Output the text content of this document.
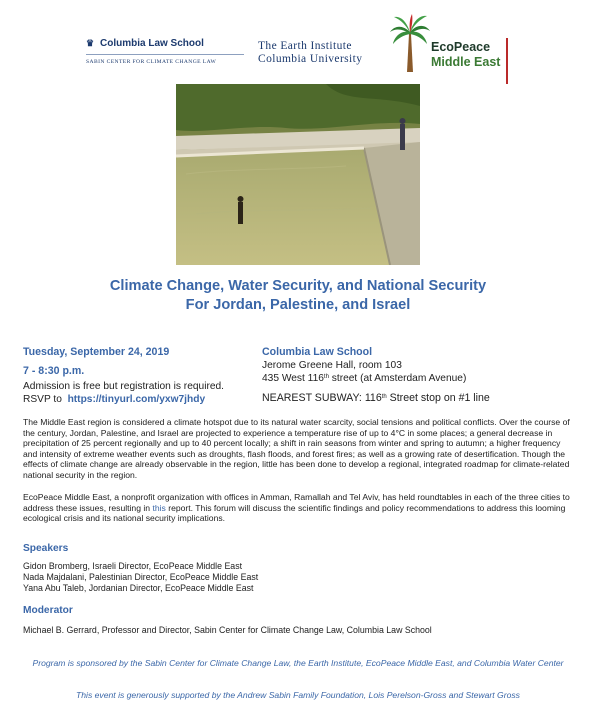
♛ Columbia Law School
SABIN CENTER FOR CLIMATE CHANGE LAW
The Earth Institute
Columbia University
EcoPeace
Middle East
Climate Change, Water Security, and National Security
For Jordan, Palestine, and Israel
Tuesday, September 24, 2019
7 - 8:30 p.m.
Admission is free but registration is required.
RSVP to https://tinyurl.com/yxw7jhdy
Columbia Law School
Jerome Greene Hall, room 103
435 West 116th street (at Amsterdam Avenue)
NEAREST SUBWAY: 116th Street stop on #1 line
The Middle East region is considered a climate hotspot due to its natural water scarcity, social tensions and political conflicts. Over the course of the century, Jordan, Palestine, and Israel are projected to experience a temperature rise of up to 4°C in some places; a general decrease in precipitation of 25 percent regionally and up to 40 percent locally; a shift in rain seasons from winter and spring to autumn; a higher frequency and intensity of extreme weather events such as droughts, flash floods, and forest fires; as well as a growing rate of desertification. Though the effects of climate change are already observable in the region, little has been done to develop a regional, integrated roadmap for climate-related national security in the region.
EcoPeace Middle East, a nonprofit organization with offices in Amman, Ramallah and Tel Aviv, has held roundtables in each of the three cities to address these issues, resulting in this report. This forum will discuss the scientific findings and policy recommendations to address this looming ecological crisis and its national security implications.
Speakers
Gidon Bromberg, Israeli Director, EcoPeace Middle East
Nada Majdalani, Palestinian Director, EcoPeace Middle East
Yana Abu Taleb, Jordanian Director, EcoPeace Middle East
Moderator
Michael B. Gerrard, Professor and Director, Sabin Center for Climate Change Law, Columbia Law School
Program is sponsored by the Sabin Center for Climate Change Law, the Earth Institute, EcoPeace Middle East, and Columbia Water Center
This event is generously supported by the Andrew Sabin Family Foundation, Lois Perelson-Gross and Stewart Gross
